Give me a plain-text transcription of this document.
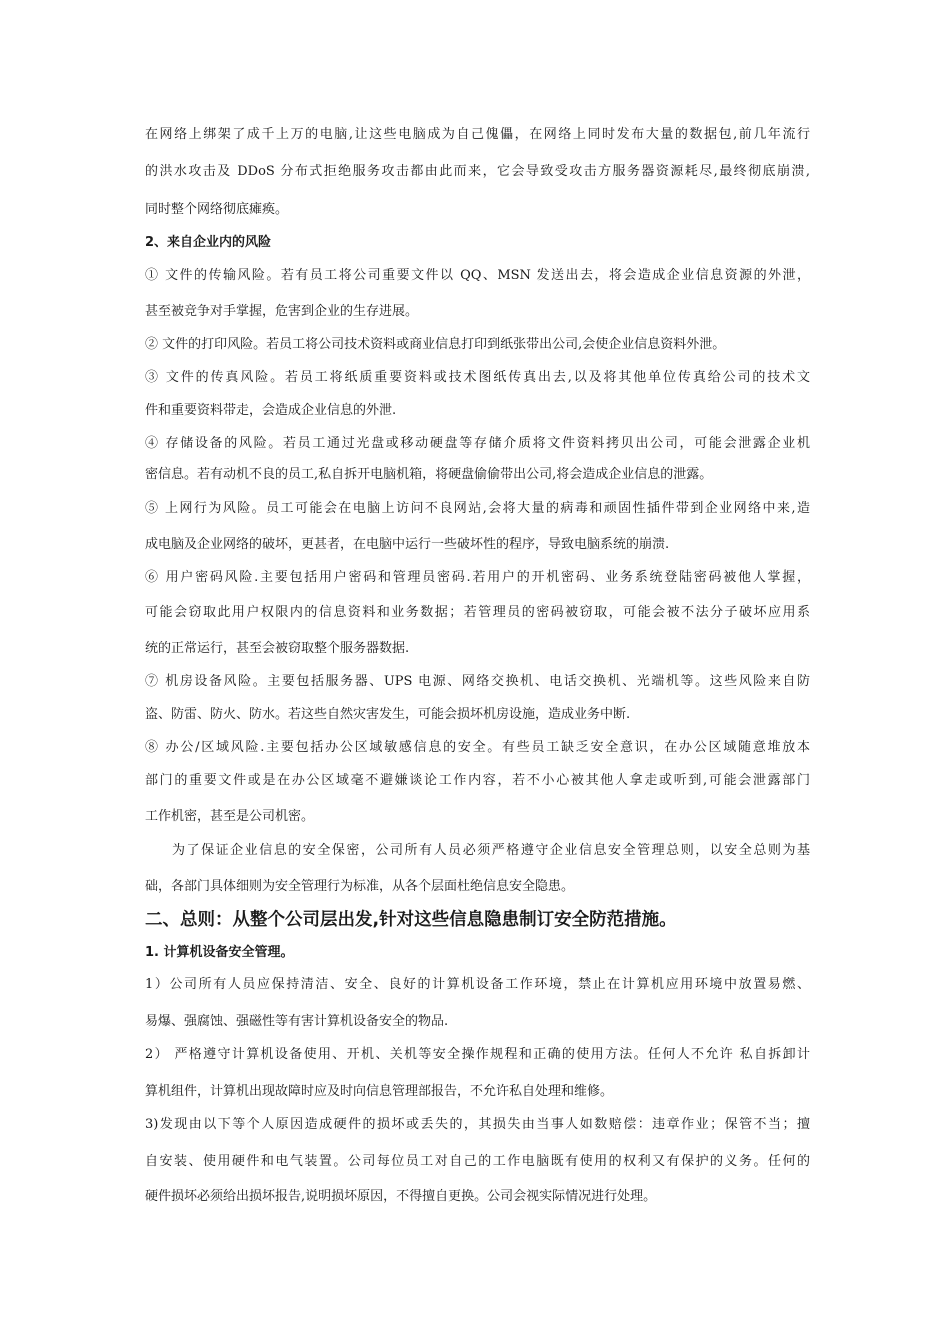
在网络上绑架了成千上万的电脑,让这些电脑成为自己傀儡，在网络上同时发布大量的数据包,前几年流行
的洪水攻击及 DDoS 分布式拒绝服务攻击都由此而来，它会导致受攻击方服务器资源耗尽,最终彻底崩溃,
同时整个网络彻底瘫痪。
2、来自企业内的风险
① 文件的传输风险。若有员工将公司重要文件以 QQ、MSN 发送出去，将会造成企业信息资源的外泄，
甚至被竞争对手掌握，危害到企业的生存进展。
② 文件的打印风险。若员工将公司技术资料或商业信息打印到纸张带出公司,会使企业信息资料外泄。
③ 文件的传真风险。若员工将纸质重要资料或技术图纸传真出去,以及将其他单位传真给公司的技术文
件和重要资料带走，会造成企业信息的外泄.
④ 存储设备的风险。若员工通过光盘或移动硬盘等存储介质将文件资料拷贝出公司，可能会泄露企业机
密信息。若有动机不良的员工,私自拆开电脑机箱，将硬盘偷偷带出公司,将会造成企业信息的泄露。
⑤ 上网行为风险。员工可能会在电脑上访问不良网站,会将大量的病毒和顽固性插件带到企业网络中来,造
成电脑及企业网络的破坏，更甚者，在电脑中运行一些破坏性的程序，导致电脑系统的崩溃.
⑥ 用户密码风险.主要包括用户密码和管理员密码.若用户的开机密码、业务系统登陆密码被他人掌握，
可能会窃取此用户权限内的信息资料和业务数据；若管理员的密码被窃取，可能会被不法分子破坏应用系
统的正常运行，甚至会被窃取整个服务器数据.
⑦ 机房设备风险。主要包括服务器、UPS 电源、网络交换机、电话交换机、光端机等。这些风险来自防
盗、防雷、防火、防水。若这些自然灾害发生，可能会损坏机房设施，造成业务中断.
⑧ 办公/区域风险.主要包括办公区域敏感信息的安全。有些员工缺乏安全意识，在办公区域随意堆放本
部门的重要文件或是在办公区域毫不避嫌谈论工作内容，若不小心被其他人拿走或听到,可能会泄露部门
工作机密，甚至是公司机密。
为了保证企业信息的安全保密，公司所有人员必须严格遵守企业信息安全管理总则，以安全总则为基
础，各部门具体细则为安全管理行为标准，从各个层面杜绝信息安全隐患。
二、总则：从整个公司层出发,针对这些信息隐患制订安全防范措施。
1. 计算机设备安全管理。
1）公司所有人员应保持清洁、安全、良好的计算机设备工作环境，禁止在计算机应用环境中放置易燃、
易爆、强腐蚀、强磁性等有害计算机设备安全的物品.
2） 严格遵守计算机设备使用、开机、关机等安全操作规程和正确的使用方法。任何人不允许 私自拆卸计
算机组件，计算机出现故障时应及时向信息管理部报告，不允许私自处理和维修。
3)发现由以下等个人原因造成硬件的损坏或丢失的，其损失由当事人如数赔偿：违章作业；保管不当；擅
自安装、使用硬件和电气装置。公司每位员工对自己的工作电脑既有使用的权利又有保护的义务。任何的
硬件损坏必须给出损坏报告,说明损坏原因，不得擅自更换。公司会视实际情况进行处理。
